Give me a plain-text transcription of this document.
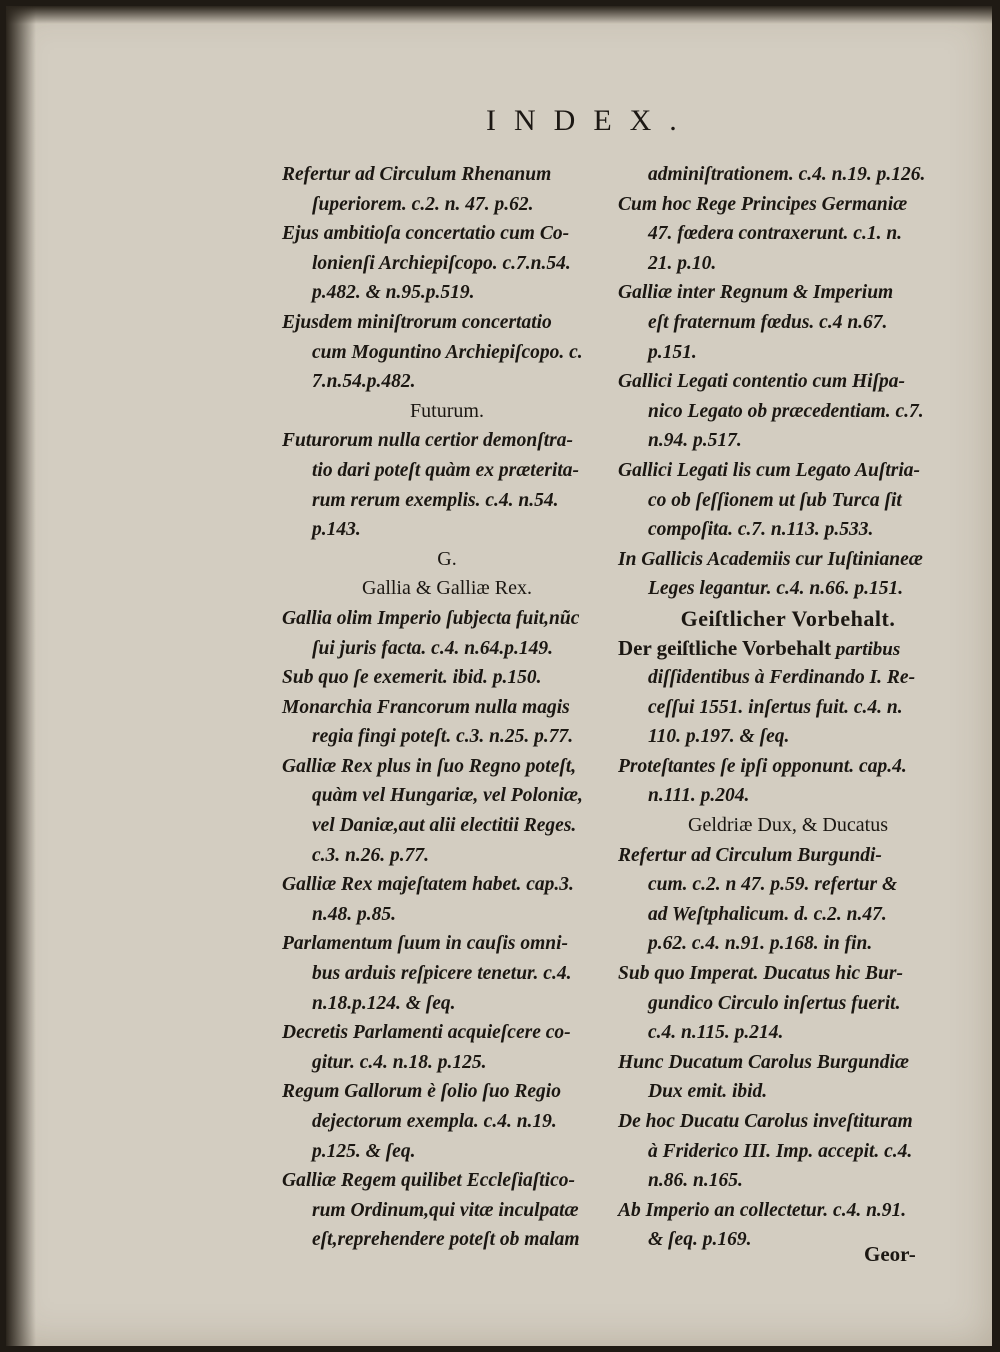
INDEX.
Refertur ad Circulum Rhenanum
ſuperiorem. c.2. n. 47. p.62.
Ejus ambitioſa concertatio cum Co-
lonienſi Archiepiſcopo. c.7.n.54.
p.482. & n.95.p.519.
Ejusdem miniſtrorum concertatio
cum Moguntino Archiepiſcopo. c.
7.n.54.p.482.
Futurum.
Futurorum nulla certior demonſtra-
tio dari poteſt quàm ex prӕterita-
rum rerum exemplis. c.4. n.54.
p.143.
G.
Gallia & Galliӕ Rex.
Gallia olim Imperio ſubjecta fuit,nũc
ſui juris facta. c.4. n.64.p.149.
Sub quo ſe exemerit. ibid. p.150.
Monarchia Francorum nulla magis
regia fingi poteſt. c.3. n.25. p.77.
Galliӕ Rex plus in ſuo Regno poteſt,
quàm vel Hungariӕ, vel Poloniӕ,
vel Daniӕ,aut alii electitii Reges.
c.3. n.26. p.77.
Galliӕ Rex majeſtatem habet. cap.3.
n.48. p.85.
Parlamentum ſuum in cauſis omni-
bus arduis reſpicere tenetur. c.4.
n.18.p.124. & ſeq.
Decretis Parlamenti acquieſcere co-
gitur. c.4. n.18. p.125.
Regum Gallorum è ſolio ſuo Regio
dejectorum exempla. c.4. n.19.
p.125. & ſeq.
Galliӕ Regem quilibet Eccleſiaſtico-
rum Ordinum,qui vitӕ inculpatӕ
eſt,reprehendere poteſt ob malam
adminiſtrationem. c.4. n.19. p.126.
Cum hoc Rege Principes Germaniӕ
47. fœdera contraxerunt. c.1. n.
21. p.10.
Galliӕ inter Regnum & Imperium
eſt fraternum fœdus. c.4 n.67.
p.151.
Gallici Legati contentio cum Hiſpa-
nico Legato ob prӕcedentiam. c.7.
n.94. p.517.
Gallici Legati lis cum Legato Auſtria-
co ob ſeſſionem ut ſub Turca ſit
compoſita. c.7. n.113. p.533.
In Gallicis Academiis cur Iuſtinianeӕ
Leges legantur. c.4. n.66. p.151.
Geiſtlicher Vorbehalt.
Der geiſtliche Vorbehalt partibus
diſſidentibus à Ferdinando I. Re-
ceſſui 1551. inſertus fuit. c.4. n.
110. p.197. & ſeq.
Proteſtantes ſe ipſi opponunt. cap.4.
n.111. p.204.
Geldriӕ Dux, & Ducatus
Refertur ad Circulum Burgundi-
cum. c.2. n 47. p.59. refertur &
ad Weſtphalicum. d. c.2. n.47.
p.62. c.4. n.91. p.168. in fin.
Sub quo Imperat. Ducatus hic Bur-
gundico Circulo inſertus fuerit.
c.4. n.115. p.214.
Hunc Ducatum Carolus Burgundiӕ
Dux emit. ibid.
De hoc Ducatu Carolus inveſtituram
à Friderico III. Imp. accepit. c.4.
n.86. n.165.
Ab Imperio an collectetur. c.4. n.91.
& ſeq. p.169.
Geor-
